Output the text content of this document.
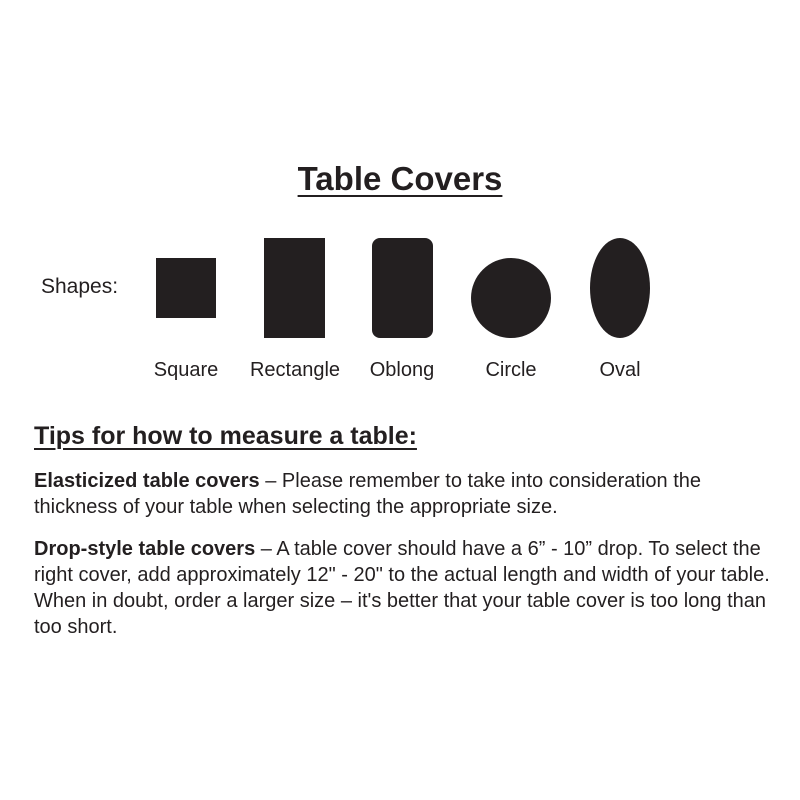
Table Covers
Shapes:
Square	Rectangle	Oblong	Circle	Oval
Tips for how to measure a table:
Elasticized table covers – Please remember to take into consideration the thickness of your table when selecting the appropriate size.
Drop-style table covers – A table cover should have a 6” - 10” drop. To select the right cover, add approximately 12" - 20" to the actual length and width of your table. When in doubt, order a larger size – it's better that your table cover is too long than too short.
